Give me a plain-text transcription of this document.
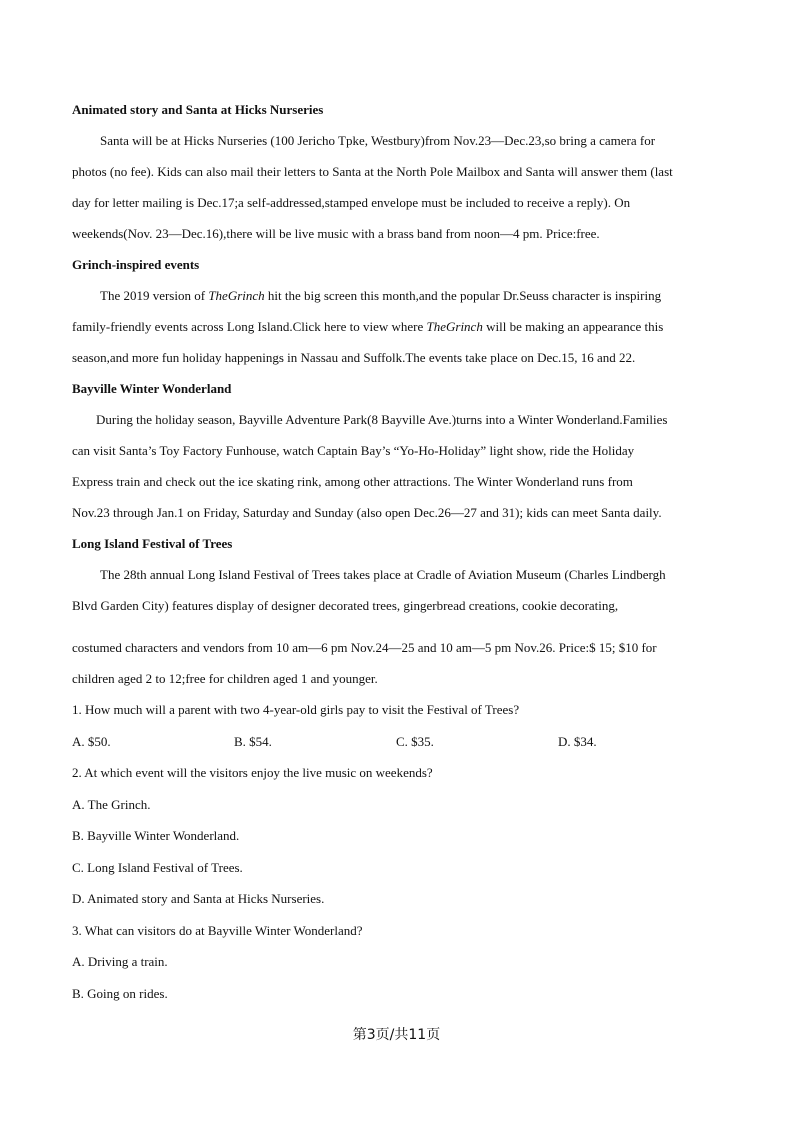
Animated story and Santa at Hicks Nurseries

Santa will be at Hicks Nurseries (100 Jericho Tpke, Westbury)from Nov.23—Dec.23,so bring a camera for

photos (no fee). Kids can also mail their letters to Santa at the North Pole Mailbox and Santa will answer them (last

day for letter mailing is Dec.17;a self-addressed,stamped envelope must be included to receive a reply). On

weekends(Nov. 23—Dec.16),there will be live music with a brass band from noon—4 pm. Price:free.

Grinch-inspired events

The 2019 version of TheGrinch hit the big screen this month,and the popular Dr.Seuss character is inspiring

family-friendly events across Long Island.Click here to view where TheGrinch will be making an appearance this

season,and more fun holiday happenings in Nassau and Suffolk.The events take place on Dec.15, 16 and 22.

Bayville Winter Wonderland

During the holiday season, Bayville Adventure Park(8 Bayville Ave.)turns into a Winter Wonderland.Families

can visit Santa’s Toy Factory Funhouse, watch Captain Bay’s “Yo-Ho-Holiday” light show, ride the Holiday

Express train and check out the ice skating rink, among other attractions. The Winter Wonderland runs from

Nov.23 through Jan.1 on Friday, Saturday and Sunday (also open Dec.26—27 and 31); kids can meet Santa daily.

Long Island Festival of Trees

The 28th annual Long Island Festival of Trees takes place at Cradle of Aviation Museum (Charles Lindbergh

Blvd Garden City) features display of designer decorated trees, gingerbread creations, cookie decorating,

costumed characters and vendors from 10 am—6 pm Nov.24—25 and 10 am—5 pm Nov.26. Price:$ 15; $10 for

children aged 2 to 12;free for children aged 1 and younger.

1. How much will a parent with two 4-year-old girls pay to visit the Festival of Trees?

A. $50.	B. $54.	C. $35.	D. $34.

2. At which event will the visitors enjoy the live music on weekends?

A. The Grinch.

B. Bayville Winter Wonderland.

C. Long Island Festival of Trees.

D. Animated story and Santa at Hicks Nurseries.

3. What can visitors do at Bayville Winter Wonderland?

A. Driving a train.

B. Going on rides.

第3页/共11页
